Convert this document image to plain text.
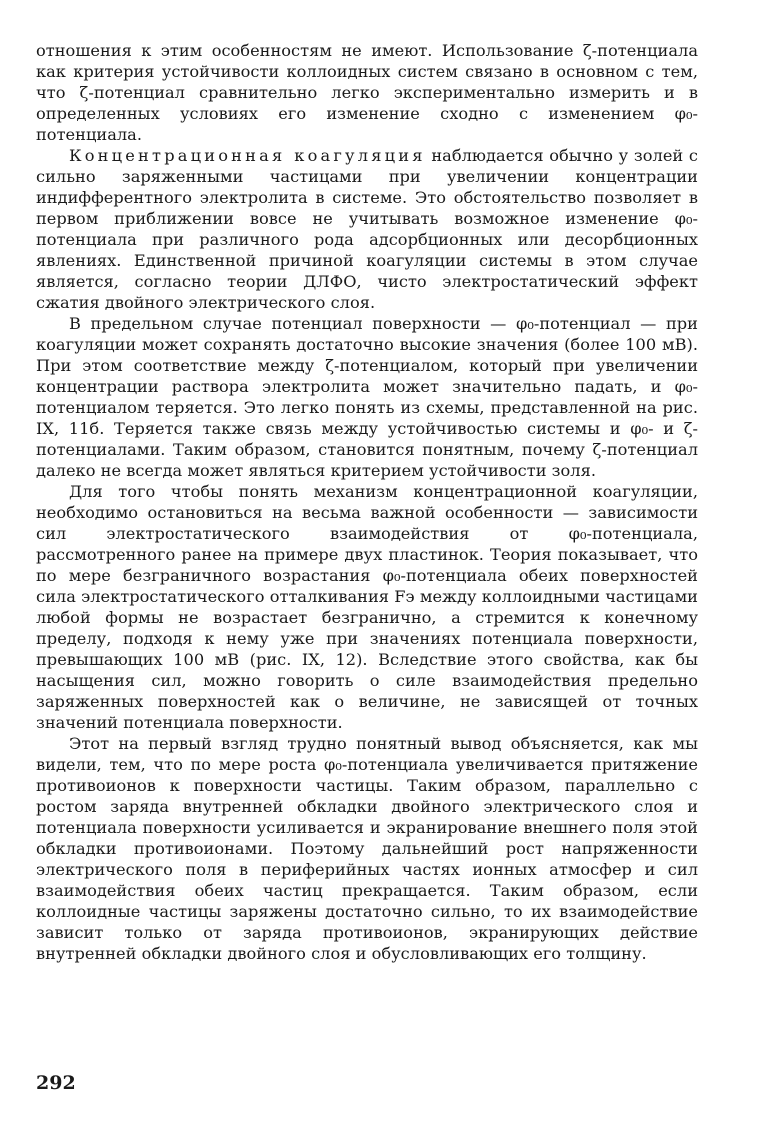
отношения к этим особенностям не имеют. Использование ζ-потенциала как критерия устойчивости коллоидных систем связано в основном с тем, что ζ-потенциал сравнительно легко экспериментально измерить и в определенных условиях его изменение сходно с изменением φ₀-потенциала.

Концентрационная коагуляция наблюдается обычно у золей с сильно заряженными частицами при увеличении концентрации индифферентного электролита в системе. Это обстоятельство позволяет в первом приближении вовсе не учитывать возможное изменение φ₀-потенциала при различного рода адсорбционных или десорбционных явлениях. Единственной причиной коагуляции системы в этом случае является, согласно теории ДЛФО, чисто электростатический эффект сжатия двойного электрического слоя.

В предельном случае потенциал поверхности — φ₀-потенциал — при коагуляции может сохранять достаточно высокие значения (более 100 мВ). При этом соответствие между ζ-потенциалом, который при увеличении концентрации раствора электролита может значительно падать, и φ₀-потенциалом теряется. Это легко понять из схемы, представленной на рис. IX, 11б. Теряется также связь между устойчивостью системы и φ₀- и ζ-потенциалами. Таким образом, становится понятным, почему ζ-потенциал далеко не всегда может являться критерием устойчивости золя.

Для того чтобы понять механизм концентрационной коагуляции, необходимо остановиться на весьма важной особенности — зависимости сил электростатического взаимодействия от φ₀-потенциала, рассмотренного ранее на примере двух пластинок. Теория показывает, что по мере безграничного возрастания φ₀-потенциала обеих поверхностей сила электростатического отталкивания Fэ между коллоидными частицами любой формы не возрастает безгранично, а стремится к конечному пределу, подходя к нему уже при значениях потенциала поверхности, превышающих 100 мВ (рис. IX, 12). Вследствие этого свойства, как бы насыщения сил, можно говорить о силе взаимодействия предельно заряженных поверхностей как о величине, не зависящей от точных значений потенциала поверхности.

Этот на первый взгляд трудно понятный вывод объясняется, как мы видели, тем, что по мере роста φ₀-потенциала увеличивается притяжение противоионов к поверхности частицы. Таким образом, параллельно с ростом заряда внутренней обкладки двойного электрического слоя и потенциала поверхности усиливается и экранирование внешнего поля этой обкладки противоионами. Поэтому дальнейший рост напряженности электрического поля в периферийных частях ионных атмосфер и сил взаимодействия обеих частиц прекращается. Таким образом, если коллоидные частицы заряжены достаточно сильно, то их взаимодействие зависит только от заряда противоионов, экранирующих действие внутренней обкладки двойного слоя и обусловливающих его толщину.

292
